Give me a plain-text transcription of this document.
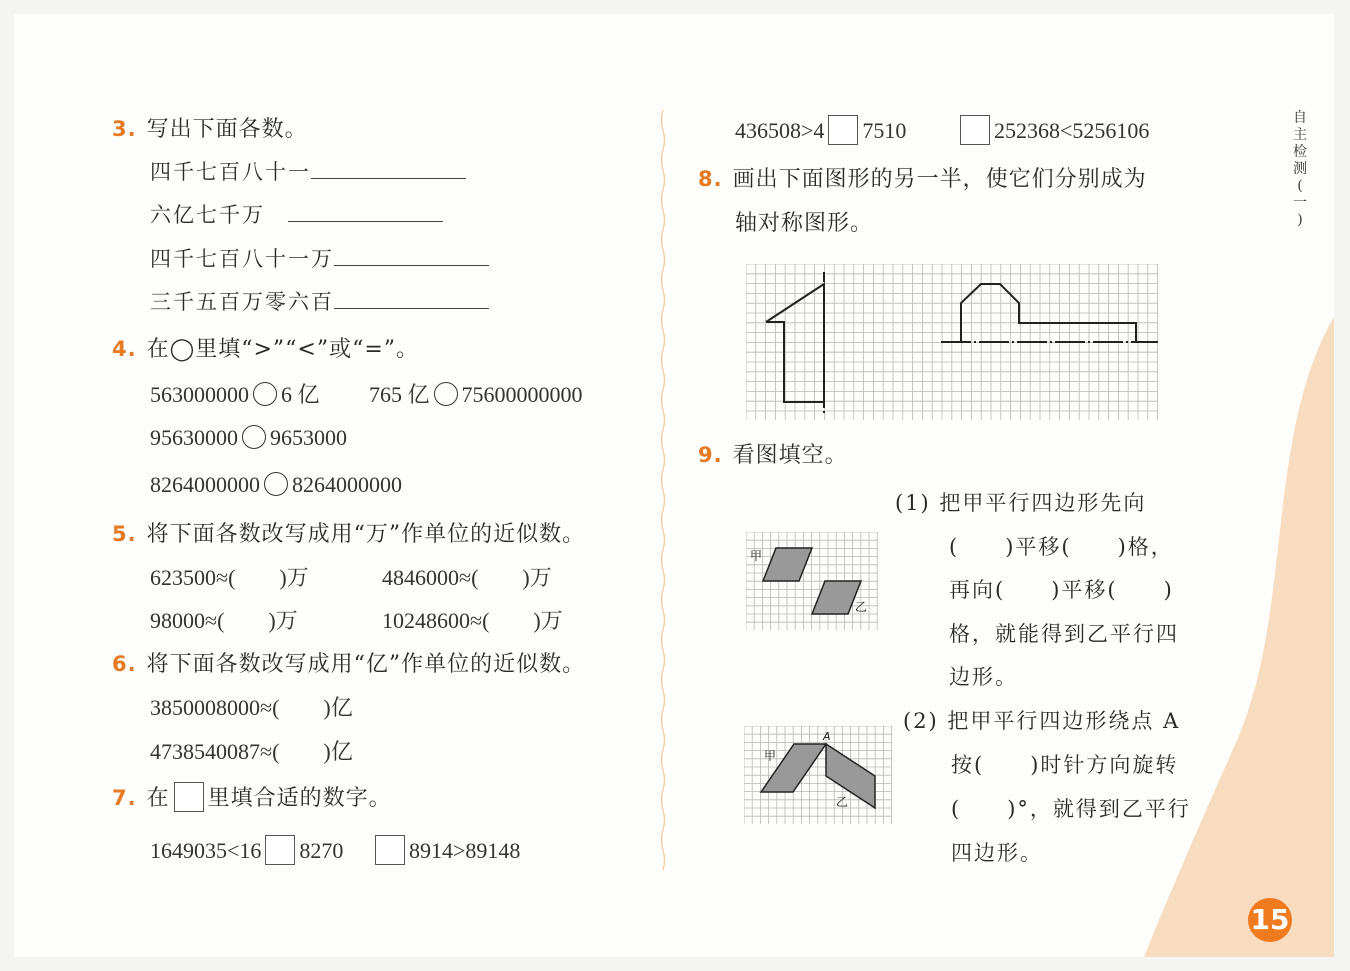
3. 写出下面各数。
四千七百八十一
六亿七千万　
四千七百八十一万
三千五百万零六百
4. 在◯里填“>”“<”或“=”。
563000000 6 亿 　　 765 亿 75600000000
95630000 9653000
8264000000 8264000000
5. 将下面各数改写成用“万”作单位的近似数。
623500≈(　　)万	4846000≈(　　)万
98000≈(　　)万	10248600≈(　　)万
6. 将下面各数改写成用“亿”作单位的近似数。
3850008000≈(　　)亿
4738540087≈(　　)亿
7. 在 里填合适的数字。
1649035<16 8270 　	8914>89148
436508>4 7510 　　	252368<5256106
8. 画出下面图形的另一半，使它们分别成为
轴对称图形。
9. 看图填空。
甲
乙
甲
乙
A
(1) 把甲平行四边形先向
(　　)平移(　　)格，
再向(　　)平移(　　)
格，就能得到乙平行四
边形。
(2) 把甲平行四边形绕点 A
按(　　)时针方向旋转
(　　)°，就得到乙平行
四边形。
自
主
检
测
(
一
)
15
